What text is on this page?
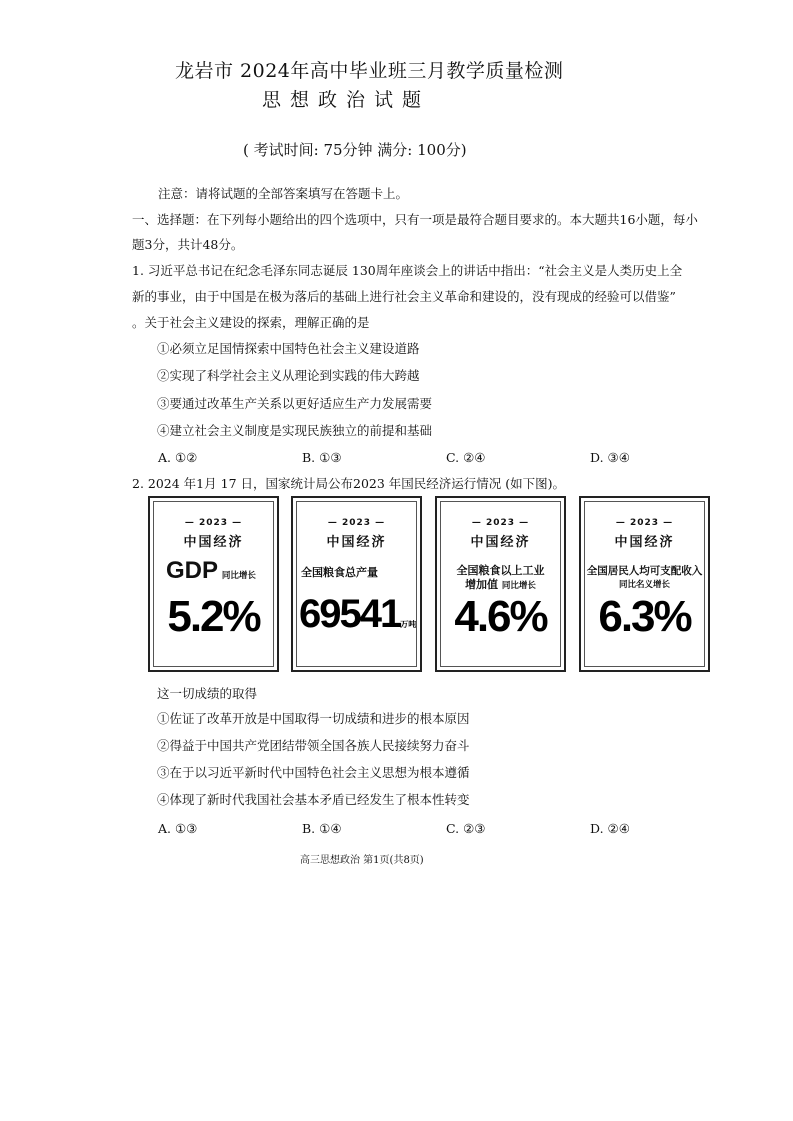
龙岩市 2024年高中毕业班三月教学质量检测
思想政治试题
( 考试时间: 75分钟 满分: 100分)
注意：请将试题的全部答案填写在答题卡上。
一、选择题：在下列每小题给出的四个选项中，只有一项是最符合题目要求的。本大题共16小题，每小
题3分，共计48分。
1. 习近平总书记在纪念毛泽东同志诞辰 130周年座谈会上的讲话中指出：“社会主义是人类历史上全
新的事业，由于中国是在极为落后的基础上进行社会主义革命和建设的，没有现成的经验可以借鉴”
。关于社会主义建设的探索，理解正确的是
①必须立足国情探索中国特色社会主义建设道路
②实现了科学社会主义从理论到实践的伟大跨越
③要通过改革生产关系以更好适应生产力发展需要
④建立社会主义制度是实现民族独立的前提和基础
A. ①②	B. ①③	C. ②④	D. ③④
2. 2024 年1月 17 日，国家统计局公布2023 年国民经济运行情况 (如下图)。
— 2023 —
中国经济
GDP 同比增长
5.2%
— 2023 —
中国经济
全国粮食总产量
69541万吨
— 2023 —
中国经济
全国粮食以上工业
增加值 同比增长
4.6%
— 2023 —
中国经济
全国居民人均可支配收入
同比名义增长
6.3%
这一切成绩的取得
①佐证了改革开放是中国取得一切成绩和进步的根本原因
②得益于中国共产党团结带领全国各族人民接续努力奋斗
③在于以习近平新时代中国特色社会主义思想为根本遵循
④体现了新时代我国社会基本矛盾已经发生了根本性转变
A. ①③	B. ①④	C. ②③	D. ②④
高三思想政治 第1页(共8页)
